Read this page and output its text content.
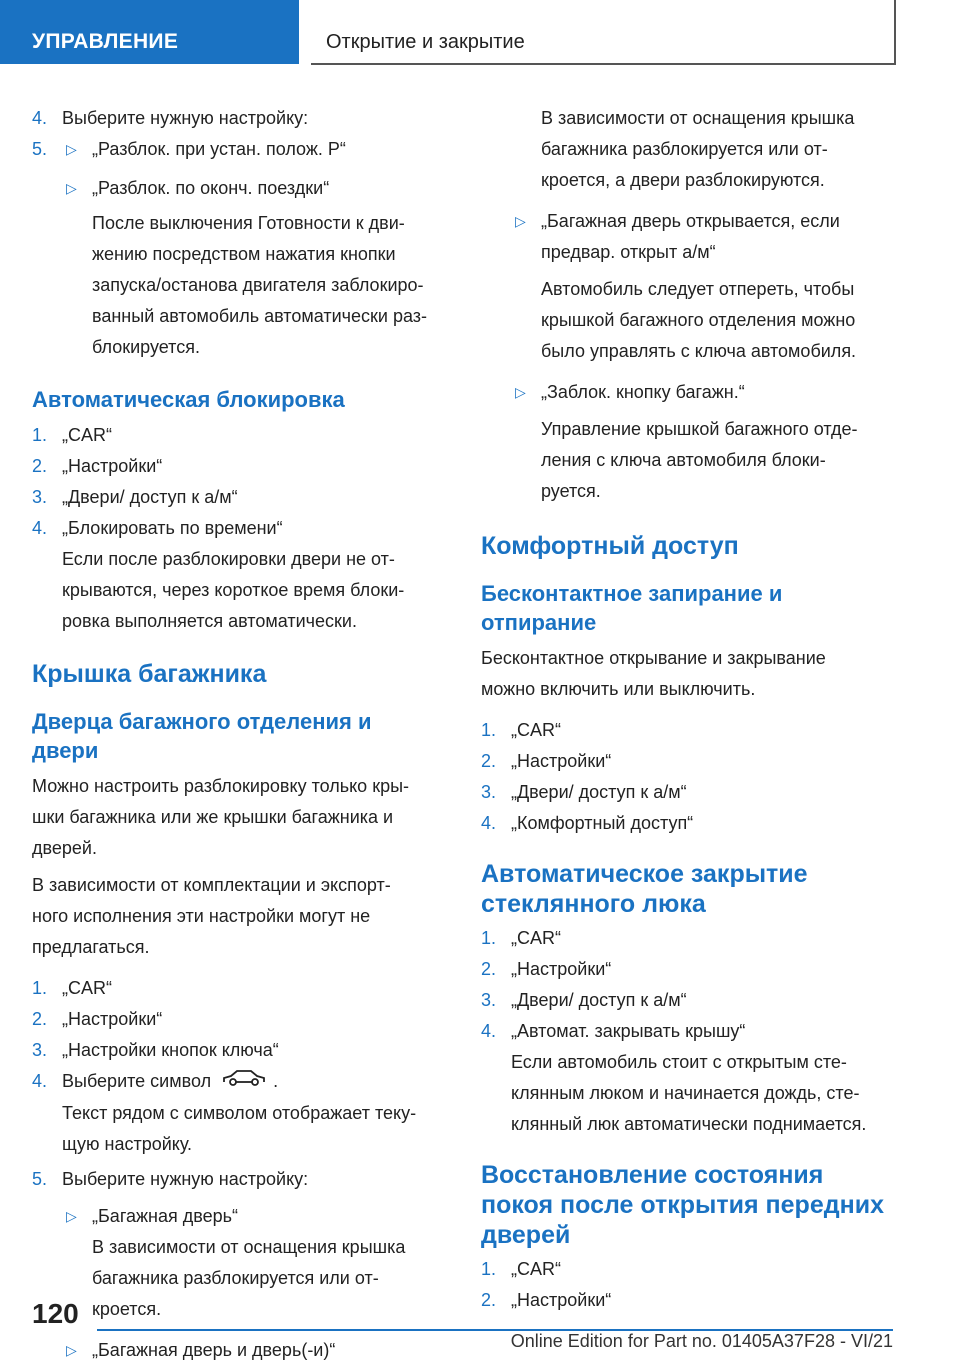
УПРАВЛЕНИЕ	Открытие и закрытие
4. Выберите нужную настройку:
5. ▷ „Разблок. при устан. полож. P“
▷ „Разблок. по оконч. поездки“
После выключения Готовности к дви-
жению посредством нажатия кнопки
запуска/останова двигателя заблокиро-
ванный автомобиль автоматически раз-
блокируется.
Автоматическая блокировка
1. „CAR“
2. „Настройки“
3. „Двери/ доступ к а/м“
4. „Блокировать по времени“
Если после разблокировки двери не от-
крываются, через короткое время блоки-
ровка выполняется автоматически.
Крышка багажника
Дверца багажного отделения и
двери
Можно настроить разблокировку только кры-
шки багажника или же крышки багажника и
дверей.
В зависимости от комплектации и экспорт-
ного исполнения эти настройки могут не
предлагаться.
1. „CAR“
2. „Настройки“
3. „Настройки кнопок ключа“
4. Выберите символ	.
Текст рядом с символом отображает теку-
щую настройку.
5. Выберите нужную настройку:
▷ „Багажная дверь“
В зависимости от оснащения крышка
багажника разблокируется или от-
кроется.
▷ „Багажная дверь и дверь(-и)“
В зависимости от оснащения крышка
багажника разблокируется или от-
кроется, а двери разблокируются.
▷ „Багажная дверь открывается, если
предвар. открыт а/м“
Автомобиль следует отпереть, чтобы
крышкой багажного отделения можно
было управлять с ключа автомобиля.
▷ „Заблок. кнопку багажн.“
Управление крышкой багажного отде-
ления с ключа автомобиля блоки-
руется.
Комфортный доступ
Бесконтактное запирание и
отпирание
Бесконтактное открывание и закрывание
можно включить или выключить.
1. „CAR“
2. „Настройки“
3. „Двери/ доступ к а/м“
4. „Комфортный доступ“
Автоматическое закрытие
стеклянного люка
1. „CAR“
2. „Настройки“
3. „Двери/ доступ к а/м“
4. „Автомат. закрывать крышу“
Если автомобиль стоит с открытым сте-
клянным люком и начинается дождь, сте-
клянный люк автоматически поднимается.
Восстановление состояния
покоя после открытия передних
дверей
1. „CAR“
2. „Настройки“
120
Online Edition for Part no. 01405A37F28 - VI/21
